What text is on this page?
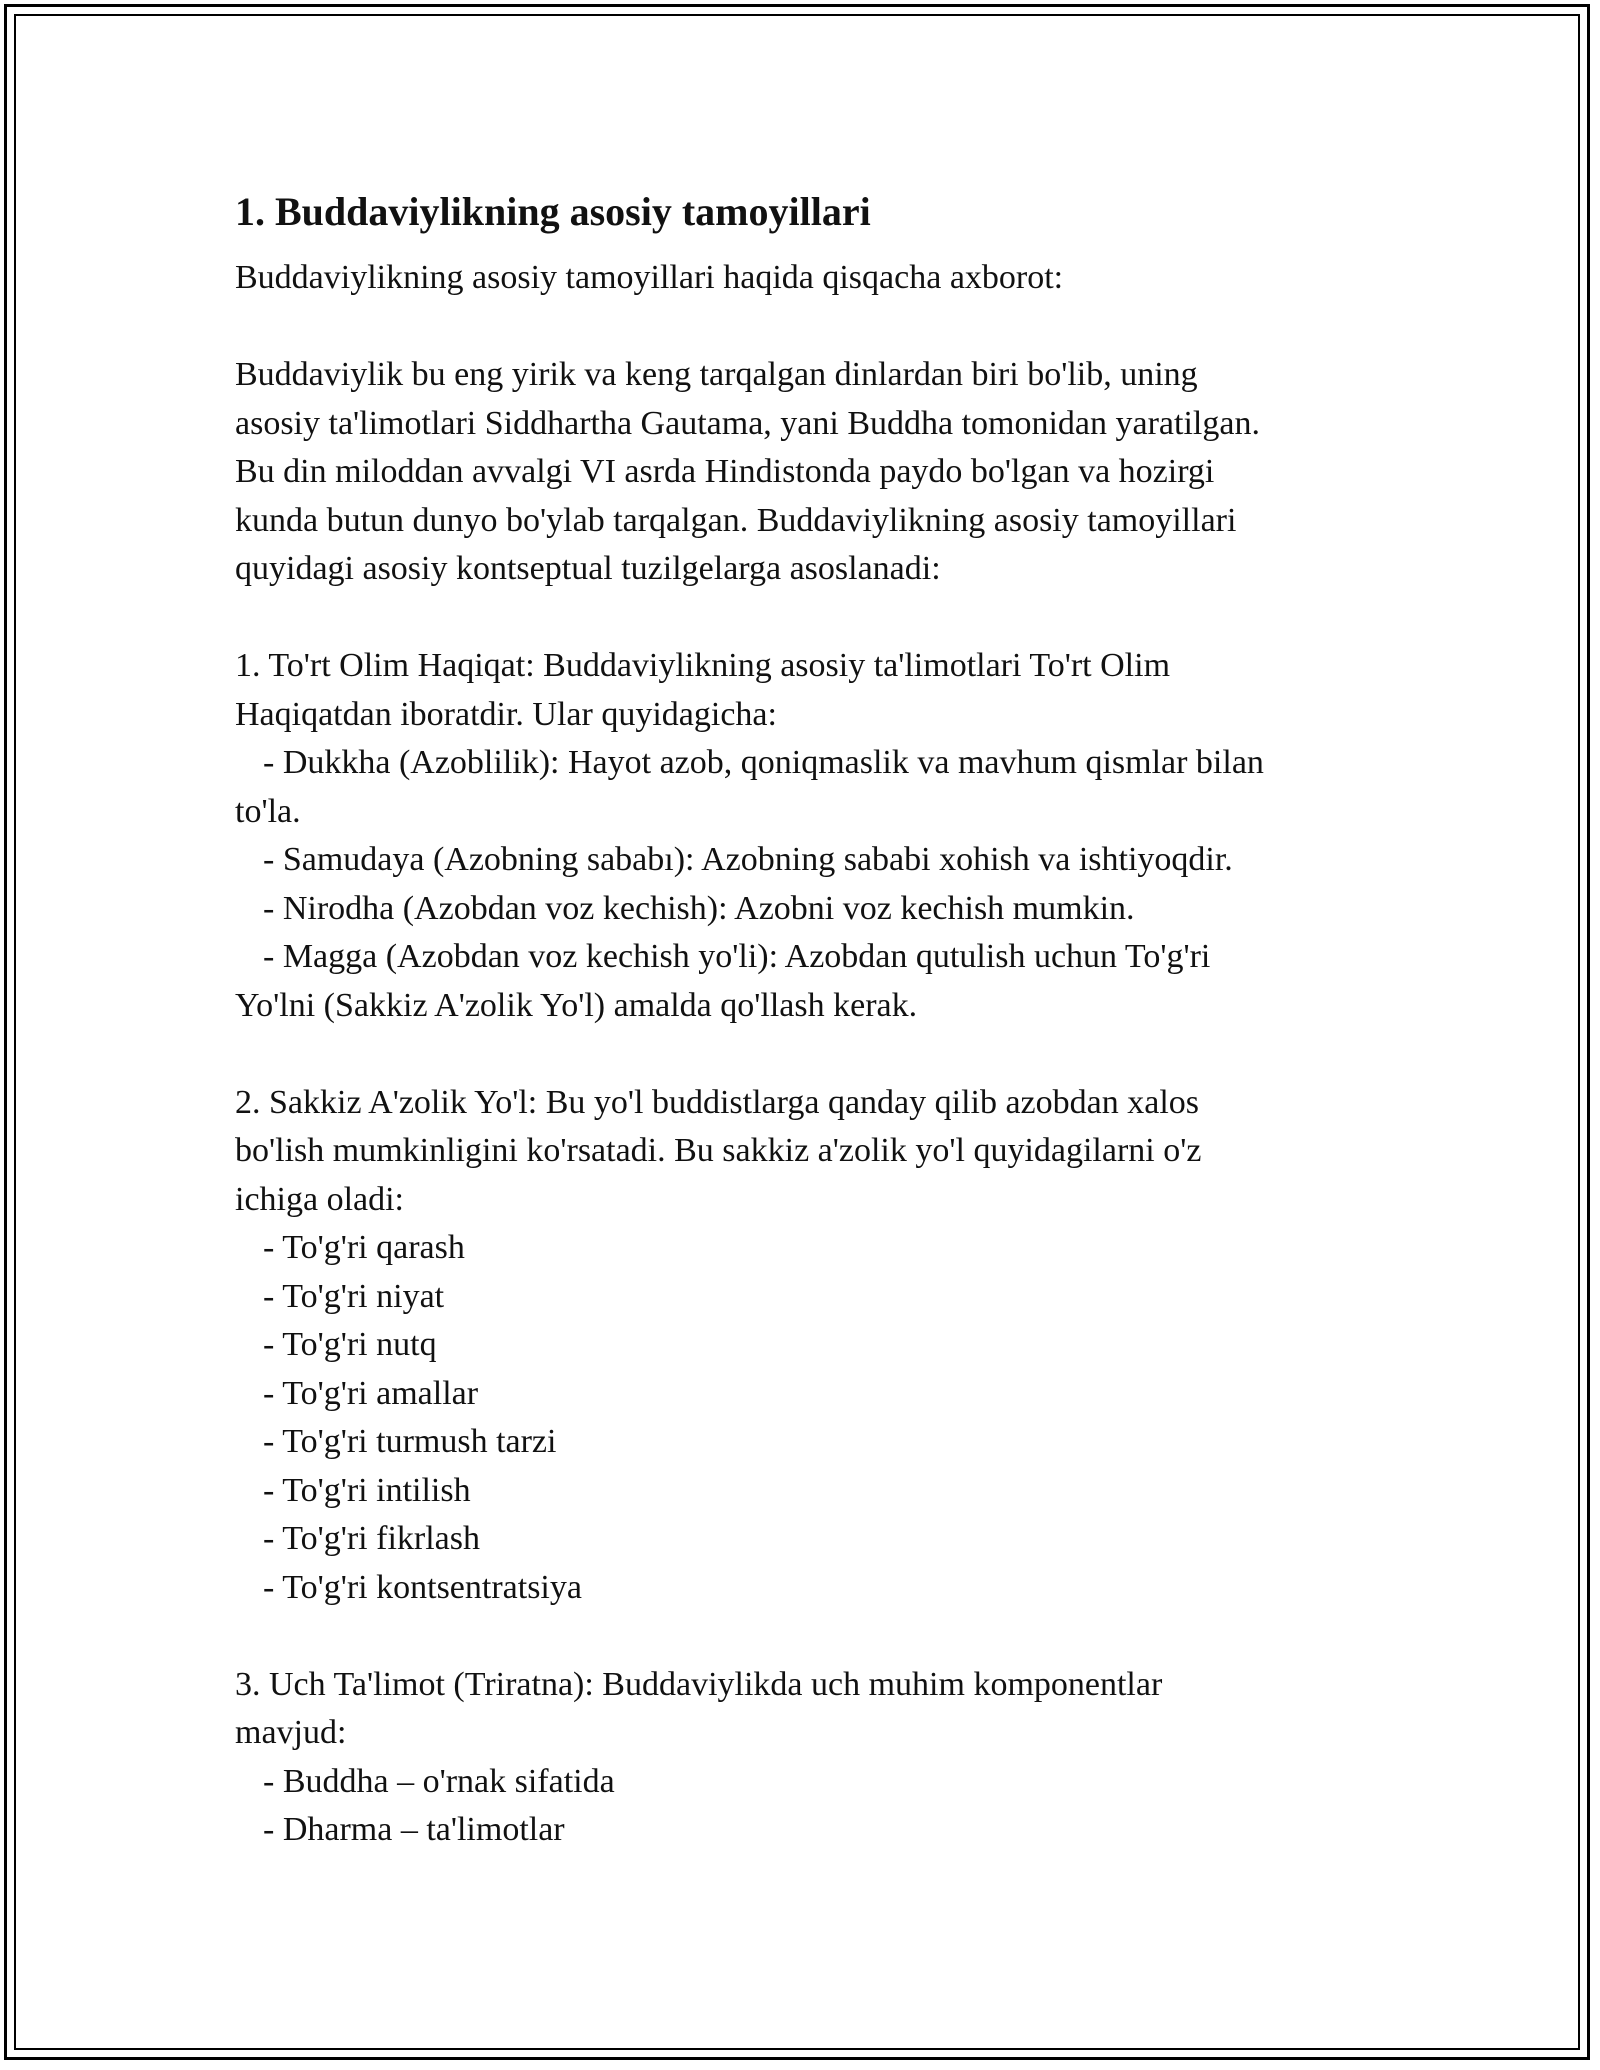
1. Buddaviylikning asosiy tamoyillari
Buddaviylikning asosiy tamoyillari haqida qisqacha axborot:
Buddaviylik bu eng yirik va keng tarqalgan dinlardan biri bo'lib, uning
asosiy ta'limotlari Siddhartha Gautama, yani Buddha tomonidan yaratilgan.
Bu din miloddan avvalgi VI asrda Hindistonda paydo bo'lgan va hozirgi
kunda butun dunyo bo'ylab tarqalgan. Buddaviylikning asosiy tamoyillari
quyidagi asosiy kontseptual tuzilgelarga asoslanadi:
1. To'rt Olim Haqiqat: Buddaviylikning asosiy ta'limotlari To'rt Olim
Haqiqatdan iboratdir. Ular quyidagicha:
- Dukkha (Azoblilik): Hayot azob, qoniqmaslik va mavhum qismlar bilan
to'la.
- Samudaya (Azobning sababı): Azobning sababi xohish va ishtiyoqdir.
- Nirodha (Azobdan voz kechish): Azobni voz kechish mumkin.
- Magga (Azobdan voz kechish yo'li): Azobdan qutulish uchun To'g'ri
Yo'lni (Sakkiz A'zolik Yo'l) amalda qo'llash kerak.
2. Sakkiz A'zolik Yo'l: Bu yo'l buddistlarga qanday qilib azobdan xalos
bo'lish mumkinligini ko'rsatadi. Bu sakkiz a'zolik yo'l quyidagilarni o'z
ichiga oladi:
- To'g'ri qarash
- To'g'ri niyat
- To'g'ri nutq
- To'g'ri amallar
- To'g'ri turmush tarzi
- To'g'ri intilish
- To'g'ri fikrlash
- To'g'ri kontsentratsiya
3. Uch Ta'limot (Triratna): Buddaviylikda uch muhim komponentlar
mavjud:
- Buddha – o'rnak sifatida
- Dharma – ta'limotlar
